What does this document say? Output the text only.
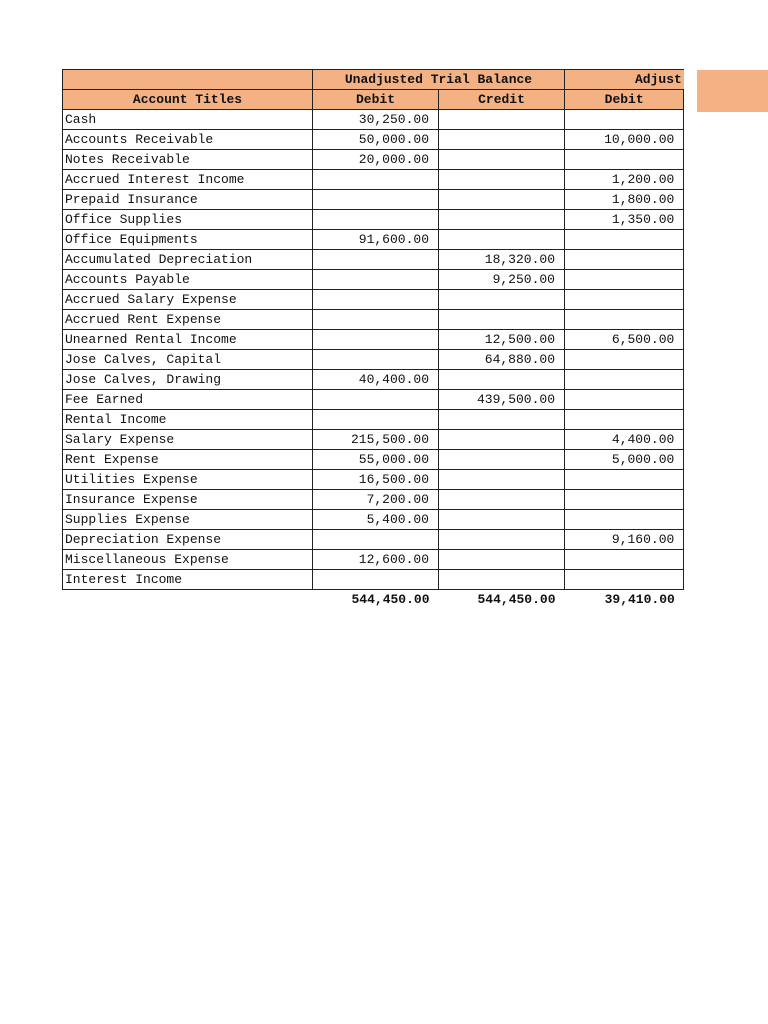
	Unadjusted Trial Balance		Adjust
Account Titles	Debit	Credit	Debit
Cash	30,250.00		
Accounts Receivable	50,000.00		10,000.00
Notes Receivable	20,000.00		
Accrued Interest Income			1,200.00
Prepaid Insurance			1,800.00
Office Supplies			1,350.00
Office Equipments	91,600.00		
Accumulated Depreciation		18,320.00	
Accounts Payable		9,250.00	
Accrued Salary Expense			
Accrued Rent Expense			
Unearned Rental Income		12,500.00	6,500.00
Jose Calves, Capital		64,880.00	
Jose Calves, Drawing	40,400.00		
Fee Earned		439,500.00	
Rental Income			
Salary Expense	215,500.00		4,400.00
Rent Expense	55,000.00		5,000.00
Utilities Expense	16,500.00		
Insurance Expense	7,200.00		
Supplies Expense	5,400.00		
Depreciation Expense			9,160.00
Miscellaneous Expense	12,600.00		
Interest Income			
	544,450.00	544,450.00	39,410.00
